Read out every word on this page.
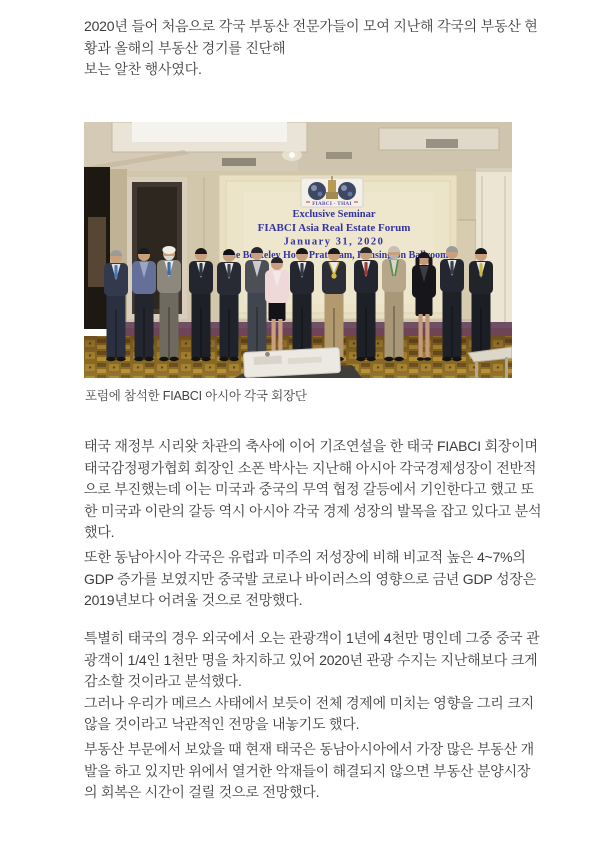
2020년 들어 처음으로 각국 부동산 전문가들이 모여 지난해 각국의 부동산 현
황과 올해의 부동산 경기를 진단해
보는 알찬 행사였다.
FIABCI - THAI
Exclusive Seminar
FIABCI Asia Real Estate Forum
January 31, 2020
Hotel Kensington
포럼에 참석한 FIABCI 아시아 각국 회장단
태국 재정부 시리왓 차관의 축사에 이어 기조연설을 한 태국 FIABCI 회장이며
태국감정평가협회 회장인 소폰 박사는 지난해 아시아 각국경제성장이 전반적
으로 부진했는데 이는 미국과 중국의 무역 협정 갈등에서 기인한다고 했고 또
한 미국과 이란의 갈등 역시 아시아 각국 경제 성장의 발목을 잡고 있다고 분석
했다.
또한 동남아시아 각국은 유럽과 미주의 저성장에 비해 비교적 높은 4~7%의
GDP 증가를 보였지만 중국발 코로나 바이러스의 영향으로 금년 GDP 성장은
2019년보다 어려울 것으로 전망했다.
특별히 태국의 경우 외국에서 오는 관광객이 1년에 4천만 명인데 그중 중국 관
광객이 1/4인 1천만 명을 차지하고 있어 2020년 관광 수지는 지난해보다 크게
감소할 것이라고 분석했다.
그러나 우리가 메르스 사태에서 보듯이 전체 경제에 미치는 영향을 그리 크지
않을 것이라고 낙관적인 전망을 내놓기도 했다.
부동산 부문에서 보았을 때 현재 태국은 동남아시아에서 가장 많은 부동산 개
발을 하고 있지만 위에서 열거한 악재들이 해결되지 않으면 부동산 분양시장
의 회복은 시간이 걸릴 것으로 전망했다.
